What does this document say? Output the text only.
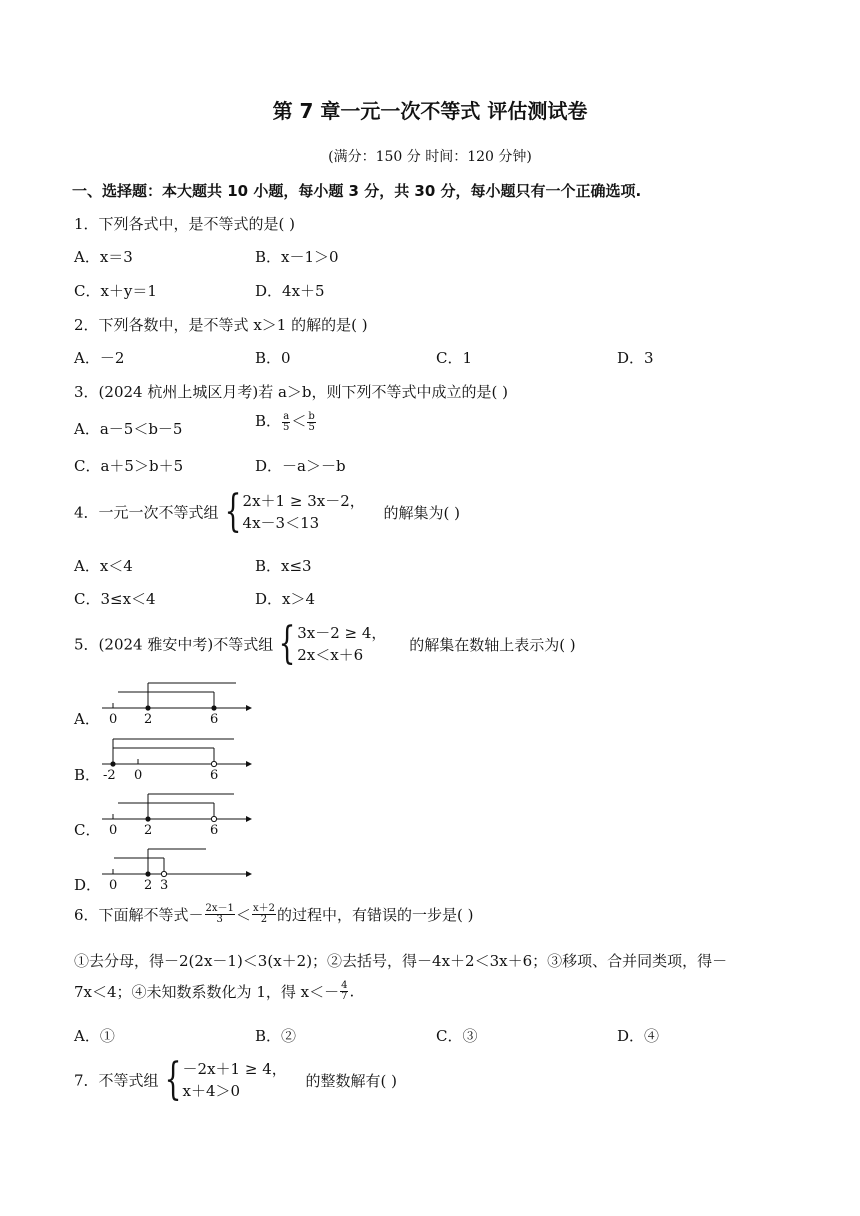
第 7 章一元一次不等式 评估测试卷
(满分：150 分 时间：120 分钟)
一、选择题：本大题共 10 小题，每小题 3 分，共 30 分，每小题只有一个正确选项.
1．下列各式中，是不等式的是( )
A．x＝3	B．x－1＞0
C．x＋y＝1	D．4x＋5
2．下列各数中，是不等式 x＞1 的解的是( )
A．－2	B．0	C．1	D．3
3．(2024 杭州上城区月考)若 a＞b，则下列不等式中成立的是( )
A．a－5＜b－5	B． $\frac{a}{5} < \frac{b}{5}$
C．a＋5＞b＋5	D．－a＞－b
4．一元一次不等式组 { 2x＋1 ≥ 3x－2，
4x－3＜13
的解集为( )
A．x＜4	B．x≤3
C．3≤x＜4	D．x＞4
5．(2024 雅安中考)不等式组 { 3x－2 ≥ 4，
2x＜x＋6
的解集在数轴上表示为( )
A． 0 2	6
B． -2 0	6
C． 0 2	6
D． 0 2 3
6．下面解不等式－ $\frac{2x-1}{3} < \frac{x+2}{2}$ 的过程中，有错误的一步是( )
①去分母，得－2(2x－1)＜3(x＋2)；②去括号，得－4x＋2＜3x＋6；③移项、合并同类项，得－
7x＜4；④未知数系数化为 1，得 $x<- \frac{4}{7}$ .
A．①	B．②	C．③	D．④
7．不等式组 { －2x＋1 ≥ 4，
x＋4＞0
的整数解有( )
